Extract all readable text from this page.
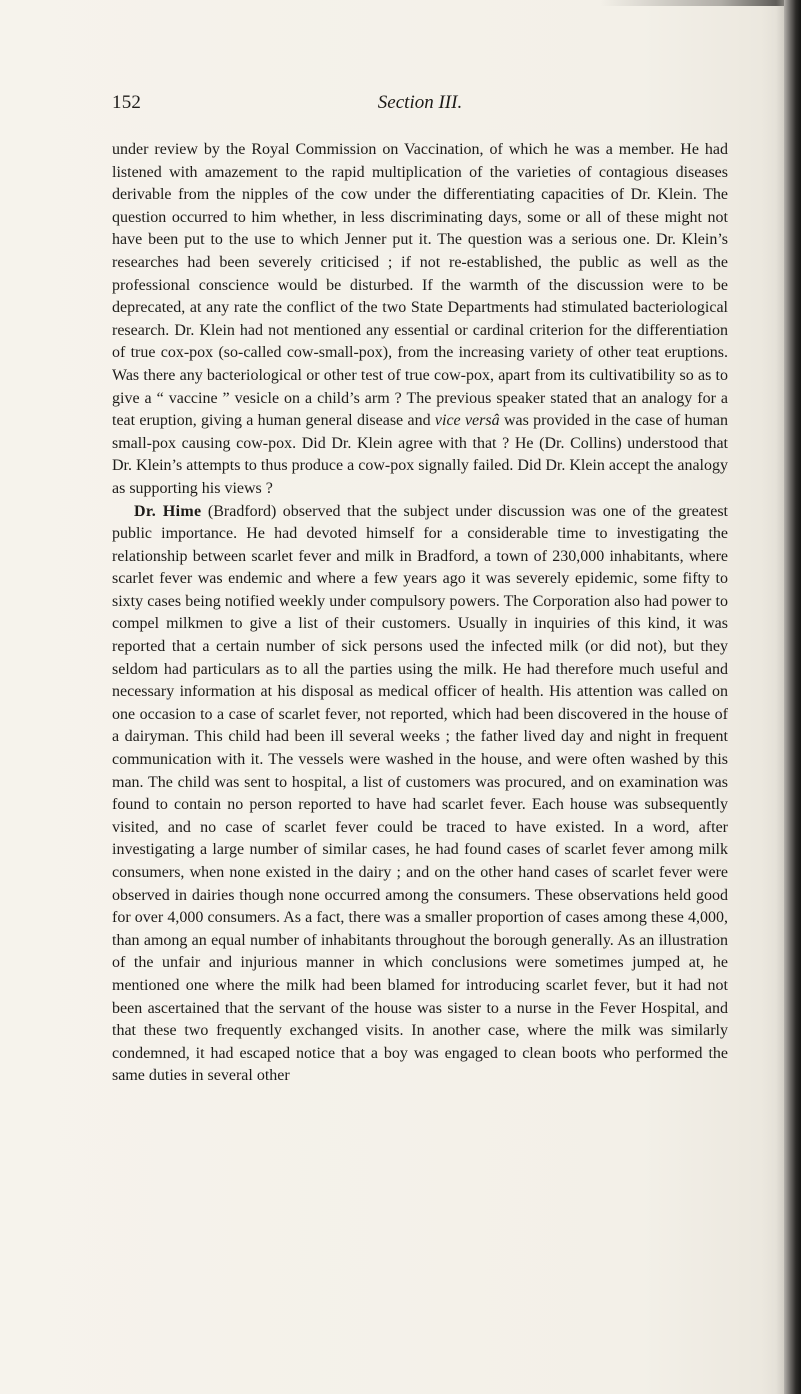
152	Section III.

under review by the Royal Commission on Vaccination, of which he was a member. He had listened with amazement to the rapid multiplication of the varieties of contagious diseases derivable from the nipples of the cow under the differentiating capacities of Dr. Klein. The question occurred to him whether, in less discriminating days, some or all of these might not have been put to the use to which Jenner put it. The question was a serious one. Dr. Klein’s researches had been severely criticised ; if not re-established, the public as well as the professional conscience would be disturbed. If the warmth of the discussion were to be deprecated, at any rate the conflict of the two State Departments had stimulated bacteriological research. Dr. Klein had not mentioned any essential or cardinal criterion for the differentiation of true cox-pox (so-called cow-small-pox), from the increasing variety of other teat eruptions. Was there any bacteriological or other test of true cow-pox, apart from its cultivatibility so as to give a “ vaccine ” vesicle on a child’s arm ? The previous speaker stated that an analogy for a teat eruption, giving a human general disease and vice versâ was provided in the case of human small-pox causing cow-pox. Did Dr. Klein agree with that ? He (Dr. Collins) understood that Dr. Klein’s attempts to thus produce a cow-pox signally failed. Did Dr. Klein accept the analogy as supporting his views ?

Dr. Hime (Bradford) observed that the subject under discussion was one of the greatest public importance. He had devoted himself for a considerable time to investigating the relationship between scarlet fever and milk in Bradford, a town of 230,000 inhabitants, where scarlet fever was endemic and where a few years ago it was severely epidemic, some fifty to sixty cases being notified weekly under compulsory powers. The Corporation also had power to compel milkmen to give a list of their customers. Usually in inquiries of this kind, it was reported that a certain number of sick persons used the infected milk (or did not), but they seldom had particulars as to all the parties using the milk. He had therefore much useful and necessary information at his disposal as medical officer of health. His attention was called on one occasion to a case of scarlet fever, not reported, which had been discovered in the house of a dairyman. This child had been ill several weeks ; the father lived day and night in frequent communication with it. The vessels were washed in the house, and were often washed by this man. The child was sent to hospital, a list of customers was procured, and on examination was found to contain no person reported to have had scarlet fever. Each house was subsequently visited, and no case of scarlet fever could be traced to have existed. In a word, after investigating a large number of similar cases, he had found cases of scarlet fever among milk consumers, when none existed in the dairy ; and on the other hand cases of scarlet fever were observed in dairies though none occurred among the consumers. These observations held good for over 4,000 consumers. As a fact, there was a smaller proportion of cases among these 4,000, than among an equal number of inhabitants throughout the borough generally. As an illustration of the unfair and injurious manner in which conclusions were sometimes jumped at, he mentioned one where the milk had been blamed for introducing scarlet fever, but it had not been ascertained that the servant of the house was sister to a nurse in the Fever Hospital, and that these two frequently exchanged visits. In another case, where the milk was similarly condemned, it had escaped notice that a boy was engaged to clean boots who performed the same duties in several other
